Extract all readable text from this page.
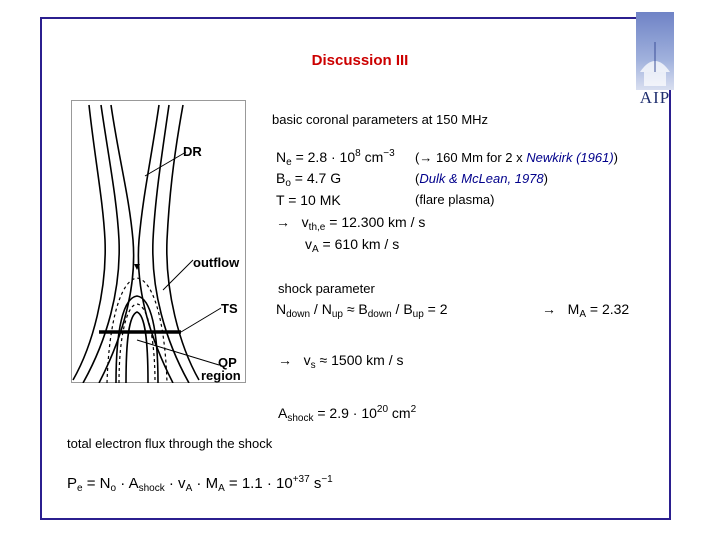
Discussion III
AIP
DR
outflow
TS
QP
region
basic coronal parameters at 150 MHz
$N_e = 2.8 \cdot 10^8$ $cm^{-3}$
$B_o = 4.7$ G
T = 10 MK
→ $v_{th,e} = 12.300$ km / s
$v_A = 610$ km / s
(→ 160 Mm for 2 x Newkirk (1961))
(Dulk & McLean, 1978)
(flare plasma)
shock parameter
$N_{down} / N_{up} \approx B_{down} / B_{up} = 2$	→ $M_A = 2.32$
→ $v_s \approx 1500$ km / s
$A_{shock} = 2.9 \cdot 10^{20}$ $cm^2$
total electron flux through the shock
$P_e = N_o \cdot A_{shock} \cdot v_A \cdot M_A = 1.1 \cdot 10^{+37}$ $s^{-1}$
